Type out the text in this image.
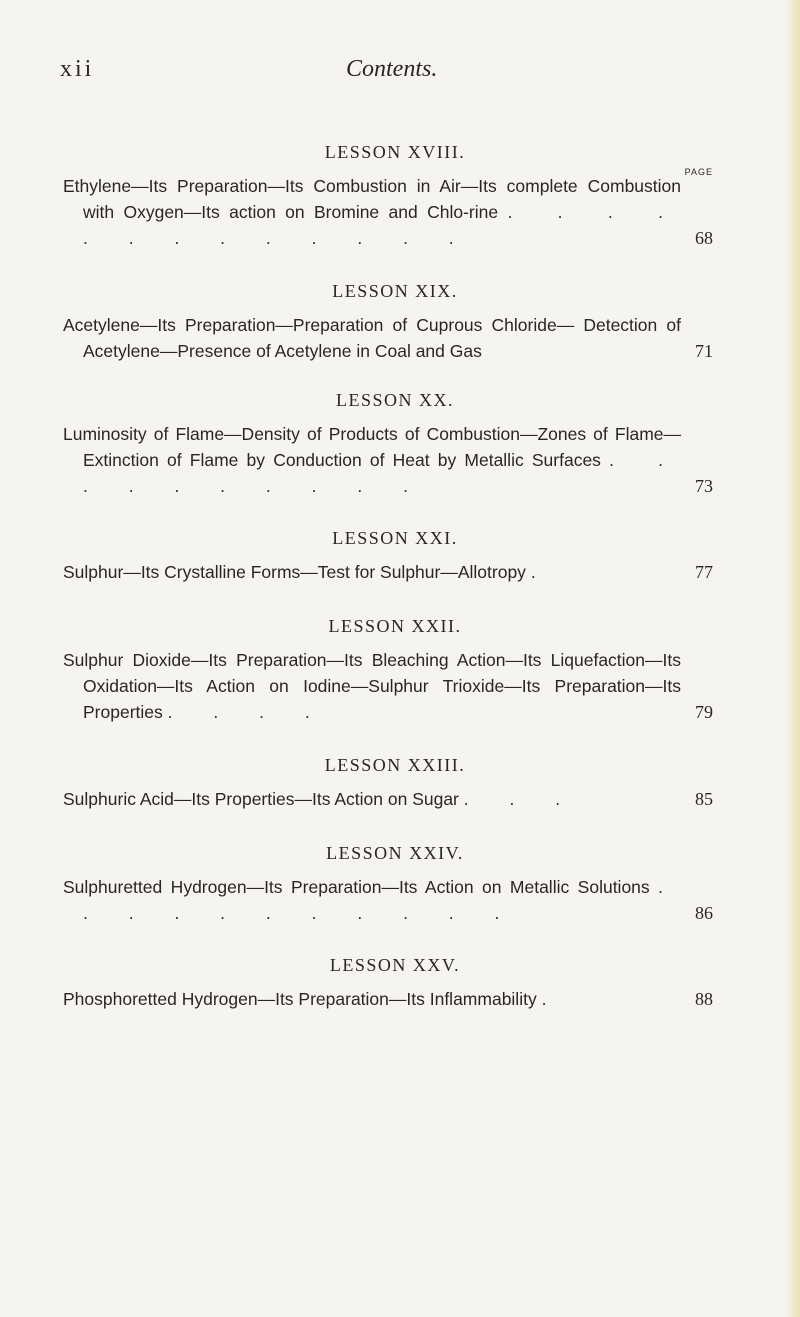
xii	Contents.
LESSON XVIII.
PAGE
Ethylene—Its Preparation—Its Combustion in Air—Its complete Combustion with Oxygen—Its action on Bromine and Chlo-rine . . . . . . . . . . . . .	68
LESSON XIX.
Acetylene—Its Preparation—Preparation of Cuprous Chloride— Detection of Acetylene—Presence of Acetylene in Coal and Gas	71
LESSON XX.
Luminosity of Flame—Density of Products of Combustion—Zones of Flame—Extinction of Flame by Conduction of Heat by Metallic Surfaces . . . . . . . . . .	73
LESSON XXI.
Sulphur—Its Crystalline Forms—Test for Sulphur—Allotropy .	77
LESSON XXII.
Sulphur Dioxide—Its Preparation—Its Bleaching Action—Its Liquefaction—Its Oxidation—Its Action on Iodine—Sulphur Trioxide—Its Preparation—Its Properties . . . .	79
LESSON XXIII.
Sulphuric Acid—Its Properties—Its Action on Sugar . . .	85
LESSON XXIV.
Sulphuretted Hydrogen—Its Preparation—Its Action on Metallic Solutions . . . . . . . . . . .	86
LESSON XXV.
Phosphoretted Hydrogen—Its Preparation—Its Inflammability .	88
